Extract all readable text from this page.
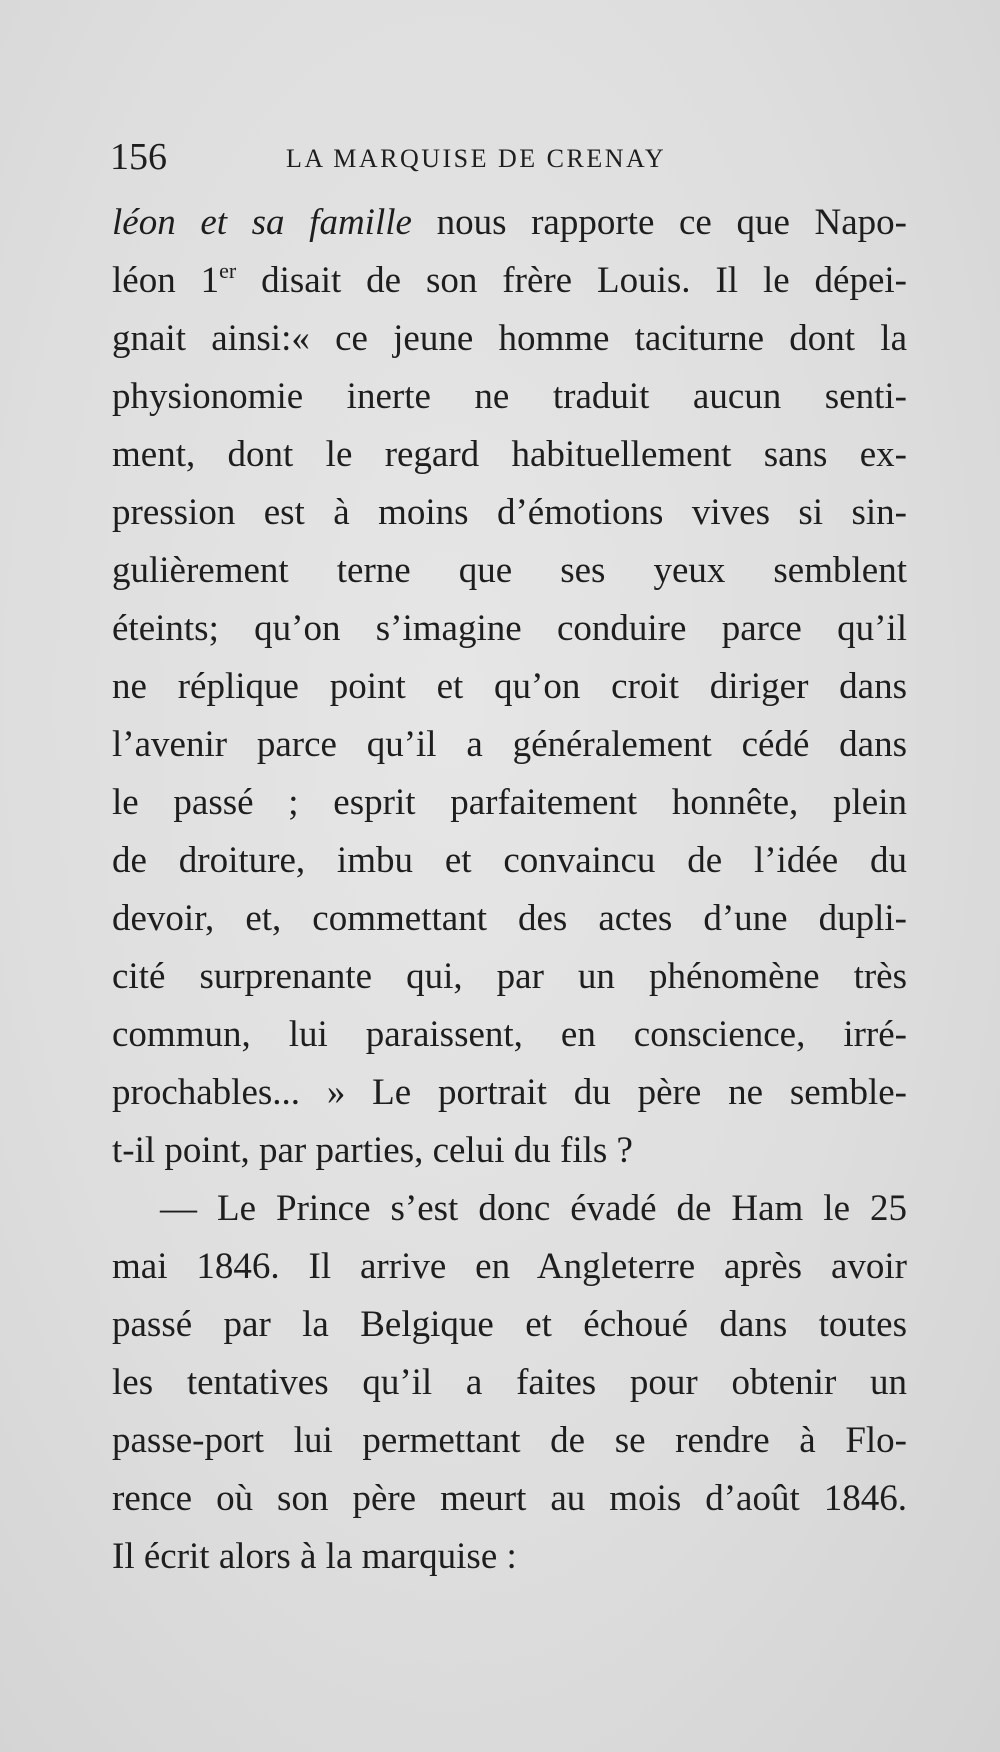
156	LA MARQUISE DE CRENAY
léon et sa famille nous rapporte ce que Napo-
léon 1er disait de son frère Louis. Il le dépei-
gnait ainsi:« ce jeune homme taciturne dont la
physionomie inerte ne traduit aucun senti-
ment, dont le regard habituellement sans ex-
pression est à moins d’émotions vives si sin-
gulièrement terne que ses yeux semblent
éteints; qu’on s’imagine conduire parce qu’il
ne réplique point et qu’on croit diriger dans
l’avenir parce qu’il a généralement cédé dans
le passé ; esprit parfaitement honnête, plein
de droiture, imbu et convaincu de l’idée du
devoir, et, commettant des actes d’une dupli-
cité surprenante qui, par un phénomène très
commun, lui paraissent, en conscience, irré-
prochables... » Le portrait du père ne semble-
t-il point, par parties, celui du fils ?
— Le Prince s’est donc évadé de Ham le 25
mai 1846. Il arrive en Angleterre après avoir
passé par la Belgique et échoué dans toutes
les tentatives qu’il a faites pour obtenir un
passe-port lui permettant de se rendre à Flo-
rence où son père meurt au mois d’août 1846.
Il écrit alors à la marquise :
